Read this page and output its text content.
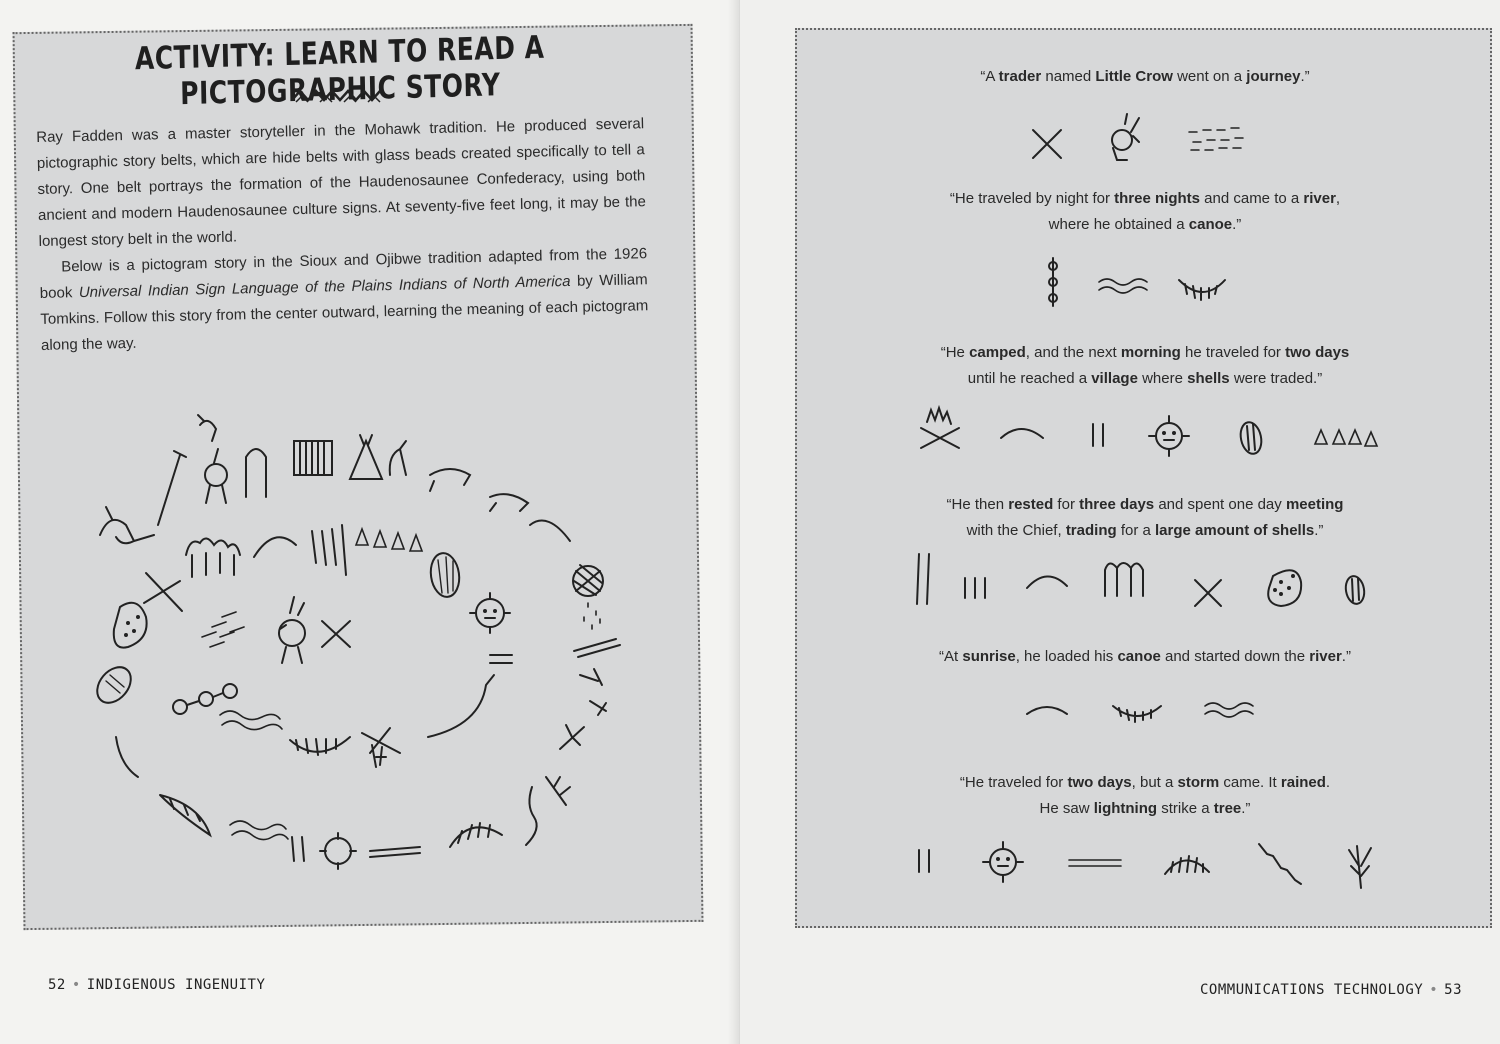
ACTIVITY: LEARN TO READ A PICTOGRAPHIC STORY

Ray Fadden was a master storyteller in the Mohawk tradition. He produced several pictographic story belts, which are hide belts with glass beads created specifically to tell a story. One belt portrays the formation of the Haudenosaunee Confederacy, using both ancient and modern Haudenosaunee culture signs. At seventy-five feet long, it may be the longest story belt in the world.

Below is a pictogram story in the Sioux and Ojibwe tradition adapted from the 1926 book Universal Indian Sign Language of the Plains Indians of North America by William Tomkins. Follow this story from the center outward, learning the meaning of each pictogram along the way.

52 • INDIGENOUS INGENUITY
“A trader named Little Crow went on a journey.”
“He traveled by night for three nights and came to a river,
where he obtained a canoe.”
“He camped, and the next morning he traveled for two days
until he reached a village where shells were traded.”
“He then rested for three days and spent one day meeting
with the Chief, trading for a large amount of shells.”
“At sunrise, he loaded his canoe and started down the river.”
“He traveled for two days, but a storm came. It rained.
He saw lightning strike a tree.”
COMMUNICATIONS TECHNOLOGY • 53
